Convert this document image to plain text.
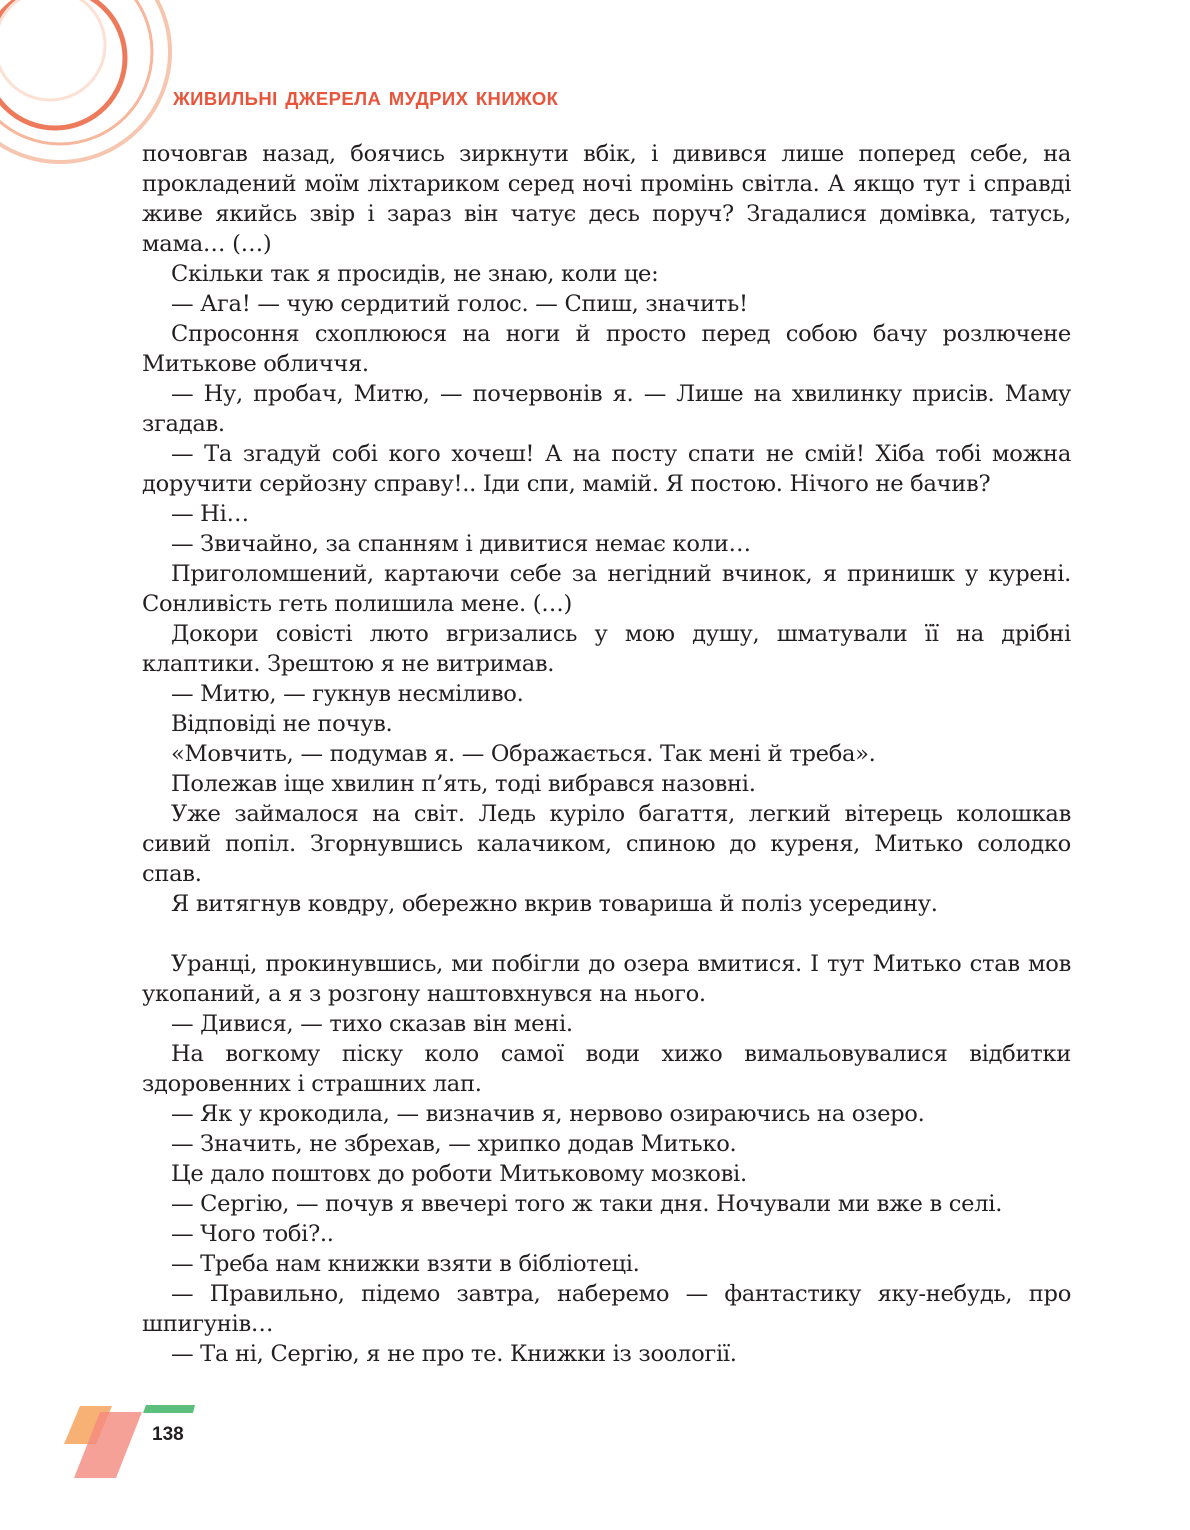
ЖИВИЛЬНІ ДЖЕРЕЛА МУДРИХ КНИЖОК

почовгав назад, боячись зиркнути вбік, і дивився лише поперед себе, на прокладений моїм ліхтариком серед ночі промінь світла. А якщо тут і справді живе якийсь звір і зараз він чатує десь поруч? Згадалися домівка, татусь, мама… (…)

Скільки так я просидів, не знаю, коли це:

— Ага! — чую сердитий голос. — Спиш, значить!

Спросоння схоплююся на ноги й просто перед собою бачу розлючене Митькове обличчя.

— Ну, пробач, Митю, — почервонів я. — Лише на хвилинку присів. Маму згадав.

— Та згадуй собі кого хочеш! А на посту спати не смій! Хіба тобі можна доручити серйозну справу!.. Іди спи, мамій. Я постою. Нічого не бачив?

— Ні…

— Звичайно, за спанням і дивитися немає коли…

Приголомшений, картаючи себе за негідний вчинок, я принишк у курені. Сонливість геть полишила мене. (…)

Докори совісті люто вгризались у мою душу, шматували її на дрібні клаптики. Зрештою я не витримав.

— Митю, — гукнув несміливо.

Відповіді не почув.

«Мовчить, — подумав я. — Ображається. Так мені й треба».

Полежав іще хвилин п’ять, тоді вибрався назовні.

Уже займалося на світ. Ледь куріло багаття, легкий вітерець колошкав сивий попіл. Згорнувшись калачиком, спиною до куреня, Митько солодко спав.

Я витягнув ковдру, обережно вкрив товариша й поліз усередину.

Уранці, прокинувшись, ми побігли до озера вмитися. І тут Митько став мов укопаний, а я з розгону наштовхнувся на нього.

— Дивися, — тихо сказав він мені.

На вогкому піску коло самої води хижо вимальовувалися відбитки здоровенних і страшних лап.

— Як у крокодила, — визначив я, нервово озираючись на озеро.

— Значить, не збрехав, — хрипко додав Митько.

Це дало поштовх до роботи Митьковому мозкові.

— Сергію, — почув я ввечері того ж таки дня. Ночували ми вже в селі.

— Чого тобі?..

— Треба нам книжки взяти в бібліотеці.

— Правильно, підемо завтра, наберемо — фантастику яку-небудь, про шпигунів…

— Та ні, Сергію, я не про те. Книжки із зоології.

138
